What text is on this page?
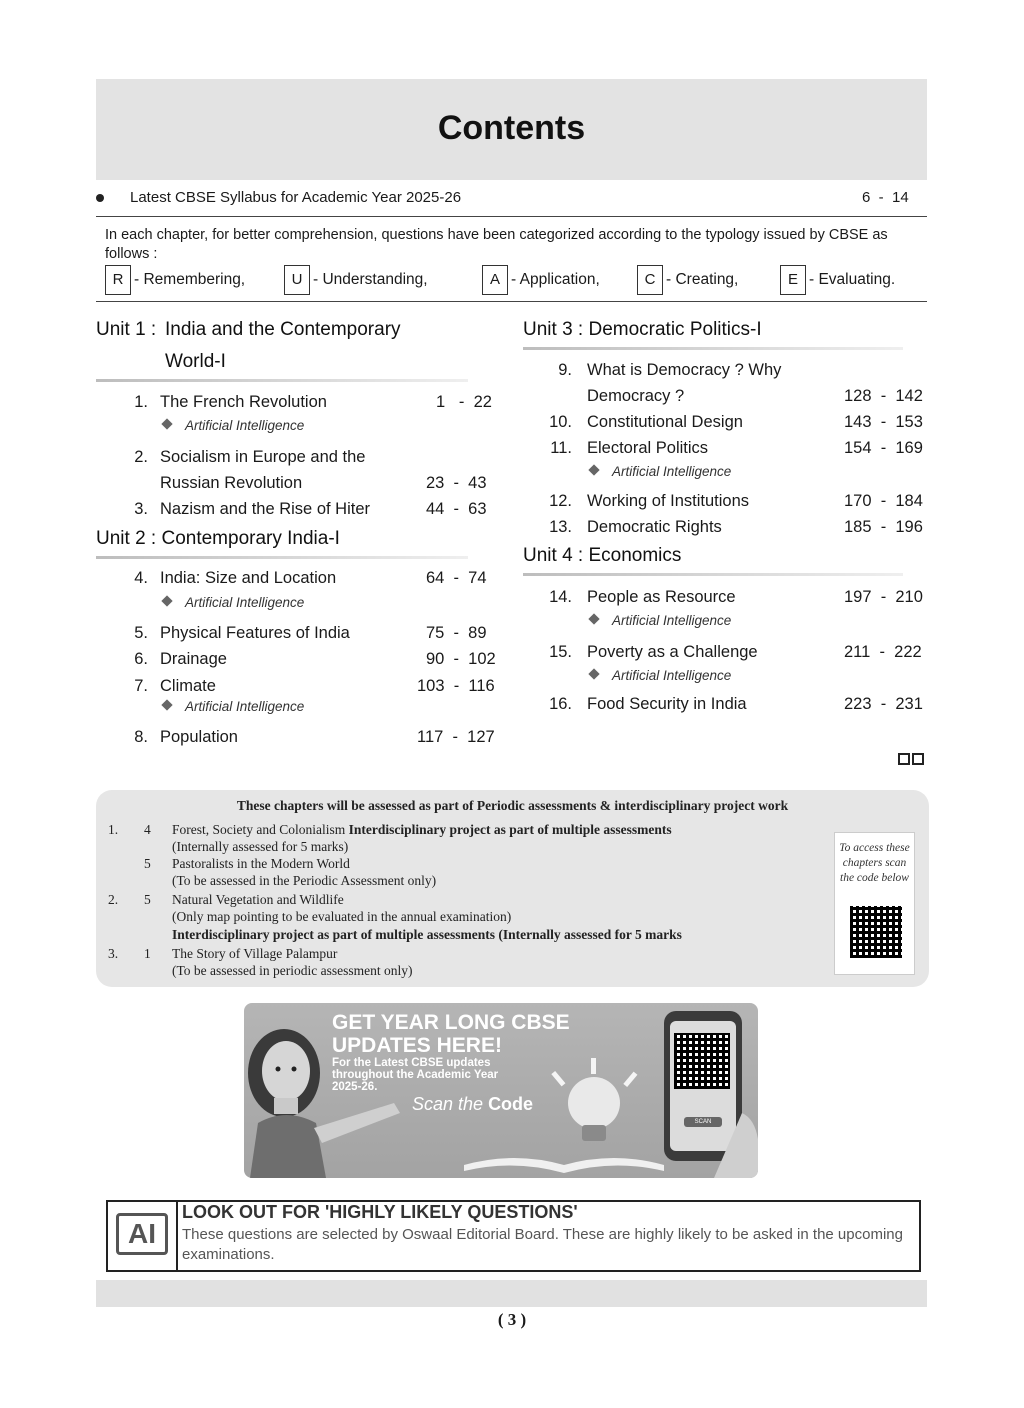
Contents
Latest CBSE Syllabus for Academic Year 2025-26	6  -  14
In each chapter, for better comprehension, questions have been categorized according to the typology issued by CBSE as follows :
R - Remembering,	U - Understanding,	A - Application,	C - Creating,	E - Evaluating.
Unit 1 : India and the Contemporary
World-I
1. The French Revolution	1   -  22
Artificial Intelligence
2. Socialism in Europe and the
Russian Revolution	23  -  43
3. Nazism and the Rise of Hiter	44  -  63
Unit 2 : Contemporary India-I
4. India: Size and Location	64  -  74
Artificial Intelligence
5. Physical Features of India	75  -  89
6. Drainage	90  -  102
7. Climate	103  -  116
Artificial Intelligence
8. Population	117  -  127
Unit 3 : Democratic Politics-I
9. What is Democracy ? Why
Democracy ?	128  -  142
10. Constitutional Design	143  -  153
11. Electoral Politics	154  -  169
Artificial Intelligence
12. Working of Institutions	170  -  184
13. Democratic Rights	185  -  196
Unit 4 : Economics
14. People as Resource	197  -  210
Artificial Intelligence
15. Poverty as a Challenge	211  -  222
Artificial Intelligence
16. Food Security in India	223  -  231
These chapters will be assessed as part of Periodic assessments & interdisciplinary project work
1. 4 Forest, Society and Colonialism Interdisciplinary project as part of multiple assessments
(Internally assessed for 5 marks)
5 Pastoralists in the Modern World
(To be assessed in the Periodic Assessment only)
2. 5 Natural Vegetation and Wildlife
(Only map pointing to be evaluated in the annual examination)
Interdisciplinary project as part of multiple assessments (Internally assessed for 5 marks
3. 1 The Story of Village Palampur
(To be assessed in periodic assessment only)
To access these chapters scan the code below
GET YEAR LONG CBSE
UPDATES HERE!
For the Latest CBSE updates throughout the Academic Year 2025-26.
Scan the Code
SCAN
AI
LOOK OUT FOR 'HIGHLY LIKELY QUESTIONS'
These questions are selected by Oswaal Editorial Board. These are highly likely to be asked in the upcoming examinations.
( 3 )
